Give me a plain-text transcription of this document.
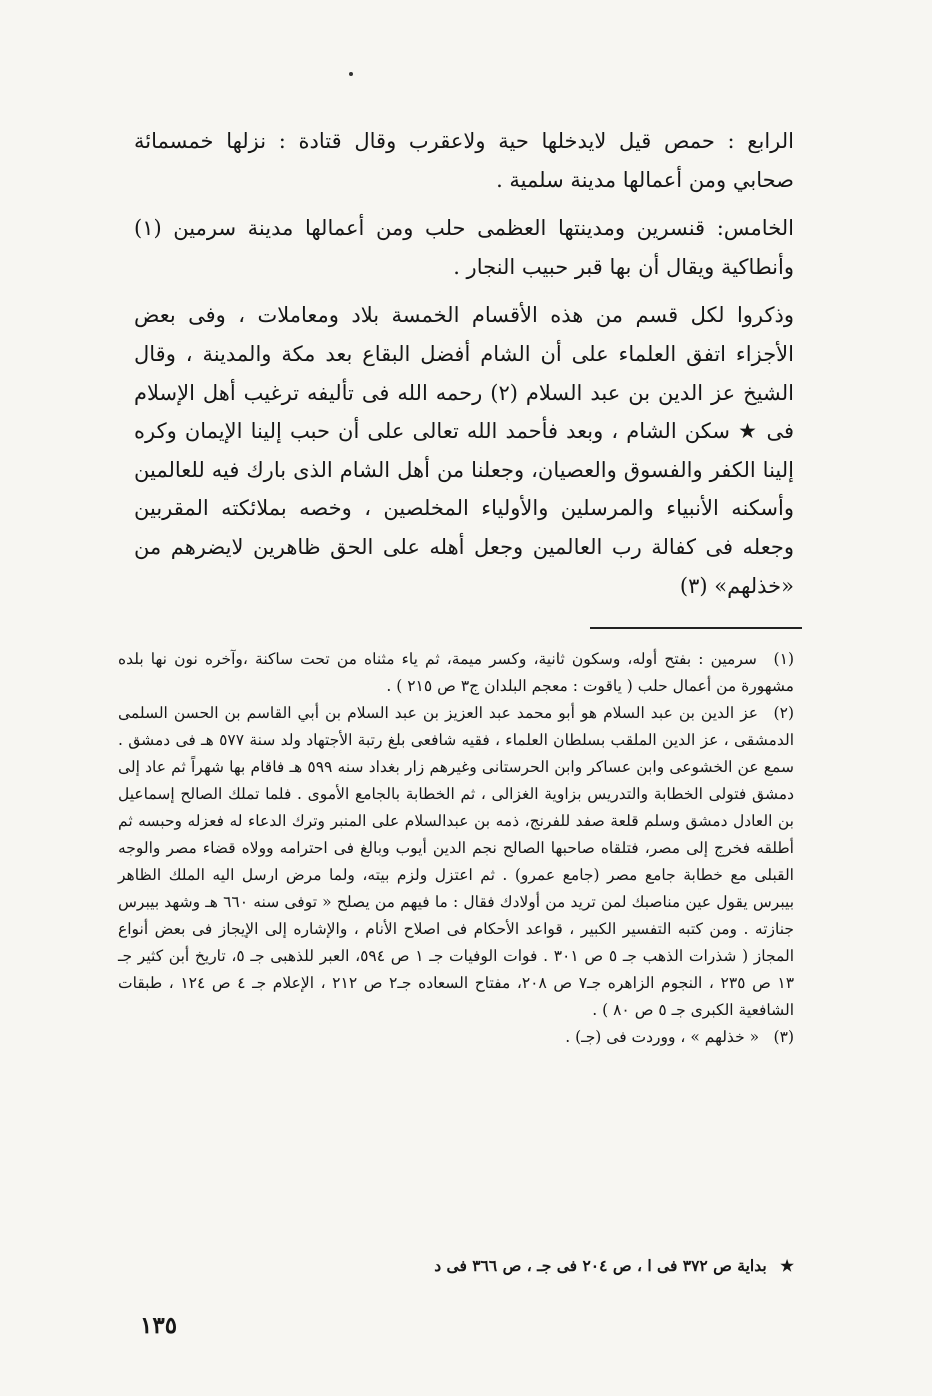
الرابع : حمص قيل لايدخلها حية ولاعقرب وقال قتادة : نزلها خمسمائة صحابي ومن أعمالها مدينة سلمية .

الخامس: قنسرين ومدينتها العظمى حلب ومن أعمالها مدينة سرمين (١) وأنطاكية ويقال أن بها قبر حبيب النجار .

وذكروا لكل قسم من هذه الأقسام الخمسة بلاد ومعاملات ، وفى بعض الأجزاء اتفق العلماء على أن الشام أفضل البقاع بعد مكة والمدينة ، وقال الشيخ عز الدين بن عبد السلام (٢) رحمه الله فى تأليفه ترغيب أهل الإسلام فى ★ سكن الشام ، وبعد فأحمد الله تعالى على أن حبب إلينا الإيمان وكره إلينا الكفر والفسوق والعصيان، وجعلنا من أهل الشام الذى بارك فيه للعالمين وأسكنه الأنبياء والمرسلين والأولياء المخلصين ، وخصه بملائكته المقربين وجعله فى كفالة رب العالمين وجعل أهله على الحق ظاهرين لايضرهم من «خذلهم» (٣)

(١) سرمين : بفتح أوله، وسكون ثانية، وكسر ميمة، ثم ياء مثناه من تحت ساكنة ،وآخره نون نها بلده مشهورة من أعمال حلب ( ياقوت : معجم البلدان ج٣ ص ٢١٥ ) .

(٢) عز الدين بن عبد السلام هو أبو محمد عبد العزيز بن عبد السلام بن أبي القاسم بن الحسن السلمى الدمشقى ، عز الدين الملقب بسلطان العلماء ، فقيه شافعى بلغ رتبة الأجتهاد ولد سنة ٥٧٧ هـ فى دمشق . سمع عن الخشوعى وابن عساكر وابن الحرستانى وغيرهم زار بغداد سنه ٥٩٩ هـ فاقام بها شهراً ثم عاد إلى دمشق فتولى الخطابة والتدريس بزاوية الغزالى ، ثم الخطابة بالجامع الأموى . فلما تملك الصالح إسماعيل بن العادل دمشق وسلم قلعة صفد للفرنج، ذمه بن عبدالسلام على المنبر وترك الدعاء له فعزله وحبسه ثم أطلقه فخرج إلى مصر، فتلقاه صاحبها الصالح نجم الدين أيوب وبالغ فى احترامه وولاه قضاء مصر والوجه القبلى مع خطابة جامع مصر (جامع عمرو) . ثم اعتزل ولزم بيته، ولما مرض ارسل اليه الملك الظاهر بيبرس يقول عين مناصبك لمن تريد من أولادك فقال : ما فيهم من يصلح « توفى سنه ٦٦٠ هـ وشهد بيبرس جنازته . ومن كتبه التفسير الكبير ، قواعد الأحكام فى اصلاح الأنام ، والإشاره إلى الإيجاز فى بعض أنواع المجاز ( شذرات الذهب جـ ٥ ص ٣٠١ . فوات الوفيات جـ ١ ص ٥٩٤، العبر للذهبى جـ ٥، تاريخ أبن كثير جـ ١٣ ص ٢٣٥ ، النجوم الزاهره جـ٧ ص ٢٠٨، مفتاح السعاده جـ٢ ص ٢١٢ ، الإعلام جـ ٤ ص ١٢٤ ، طبقات الشافعية الكبرى جـ ٥ ص ٨٠ ) .

(٣) « خذلهم » ، ووردت فى (جـ) .

★ بداية ص ٣٧٢ فى ا ، ص ٢٠٤ فى جـ ، ص ٣٦٦ فى د
١٣٥
